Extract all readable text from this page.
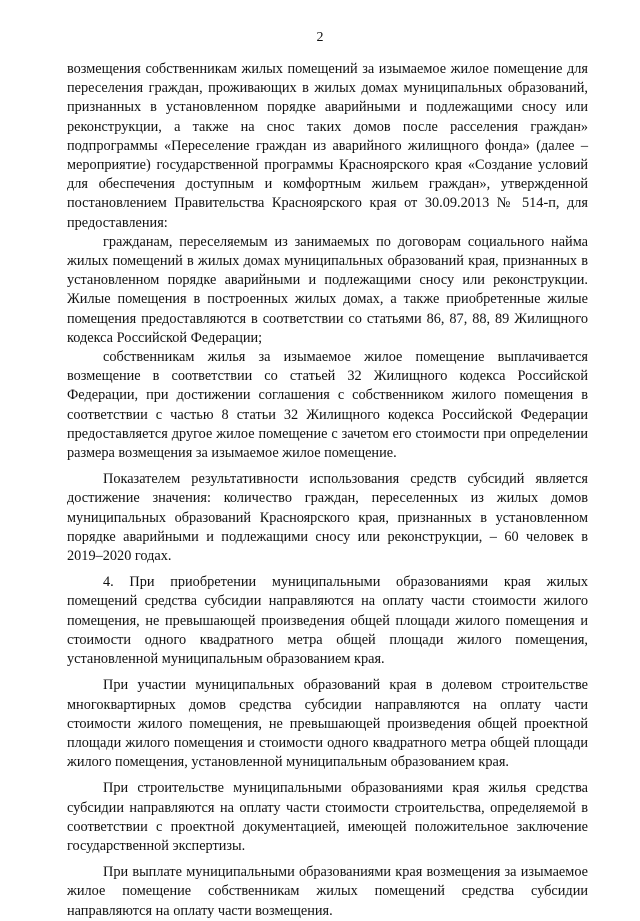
2

возмещения собственникам жилых помещений за изымаемое жилое помещение для переселения граждан, проживающих в жилых домах муниципальных образований, признанных в установленном порядке аварийными и подлежащими сносу или реконструкции, а также на снос таких домов после расселения граждан» подпрограммы «Переселение граждан из аварийного жилищного фонда» (далее – мероприятие) государственной программы Красноярского края «Создание условий для обеспечения доступным и комфортным жильем граждан», утвержденной постановлением Правительства Красноярского края от 30.09.2013 № 514-п, для предоставления:

гражданам, переселяемым из занимаемых по договорам социального найма жилых помещений в жилых домах муниципальных образований края, признанных в установленном порядке аварийными и подлежащими сносу или реконструкции. Жилые помещения в построенных жилых домах, а также приобретенные жилые помещения предоставляются в соответствии со статьями 86, 87, 88, 89 Жилищного кодекса Российской Федерации;

собственникам жилья за изымаемое жилое помещение выплачивается возмещение в соответствии со статьей 32 Жилищного кодекса Российской Федерации, при достижении соглашения с собственником жилого помещения в соответствии с частью 8 статьи 32 Жилищного кодекса Российской Федерации предоставляется другое жилое помещение с зачетом его стоимости при определении размера возмещения за изымаемое жилое помещение.

Показателем результативности использования средств субсидий является достижение значения: количество граждан, переселенных из жилых домов муниципальных образований Красноярского края, признанных в установленном порядке аварийными и подлежащими сносу или реконструкции, – 60 человек в 2019–2020 годах.

4. При приобретении муниципальными образованиями края жилых помещений средства субсидии направляются на оплату части стоимости жилого помещения, не превышающей произведения общей площади жилого помещения и стоимости одного квадратного метра общей площади жилого помещения, установленной муниципальным образованием края.

При участии муниципальных образований края в долевом строительстве многоквартирных домов средства субсидии направляются на оплату части стоимости жилого помещения, не превышающей произведения общей проектной площади жилого помещения и стоимости одного квадратного метра общей площади жилого помещения, установленной муниципальным образованием края.

При строительстве муниципальными образованиями края жилья средства субсидии направляются на оплату части стоимости строительства, определяемой в соответствии с проектной документацией, имеющей положительное заключение государственной экспертизы.

При выплате муниципальными образованиями края возмещения за изымаемое жилое помещение собственникам жилых помещений средства субсидии направляются на оплату части возмещения.
